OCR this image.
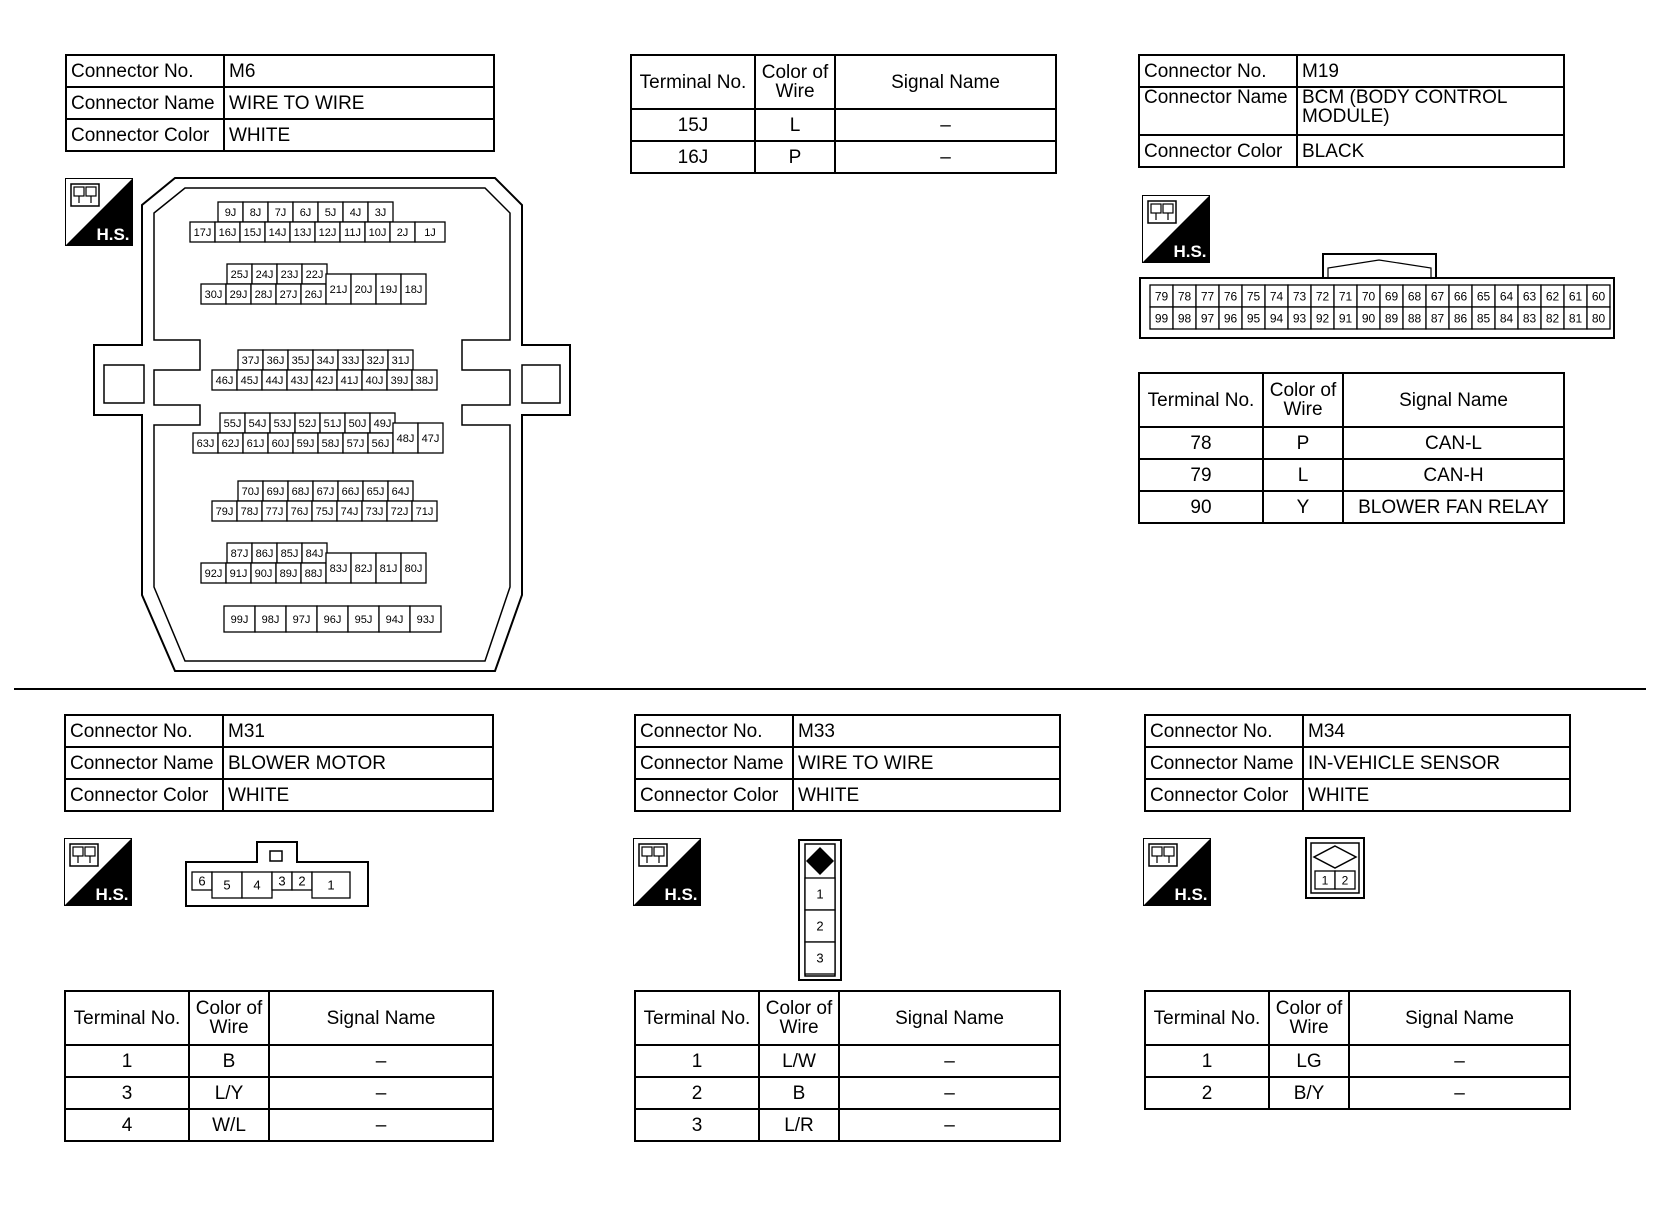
Connector No.	M6
Connector Name	WIRE TO WIRE
Connector Color	WHITE
H.S.
9J 8J 7J 6J 5J 4J 3J
17J 16J 15J 14J 13J 12J 11J 10J 2J 1J
25J 24J 23J 22J
30J 29J 28J 27J 26J 21J 20J 19J 18J
37J 36J 35J 34J 33J 32J 31J
46J 45J 44J 43J 42J 41J 40J 39J 38J
55J 54J 53J 52J 51J 50J 49J
63J 62J 61J 60J 59J 58J 57J 56J 48J 47J
70J 69J 68J 67J 66J 65J 64J
79J 78J 77J 76J 75J 74J 73J 72J 71J
87J 86J 85J 84J
92J 91J 90J 89J 88J 83J 82J 81J 80J
99J 98J 97J 96J 95J 94J 93J
Terminal No.	Color of Wire	Signal Name
15J	L	–
16J	P	–
Connector No.	M19
Connector Name	BCM (BODY CONTROL MODULE)
Connector Color	BLACK
H.S.
79 78 77 76 75 74 73 72 71 70 69 68 67 66 65 64 63 62 61 60
99 98 97 96 95 94 93 92 91 90 89 88 87 86 85 84 83 82 81 80
Terminal No.	Color of Wire	Signal Name
78	P	CAN-L
79	L	CAN-H
90	Y	BLOWER FAN RELAY
Connector No.	M31
Connector Name	BLOWER MOTOR
Connector Color	WHITE
H.S.
6 5 4 3 2 1
Terminal No.	Color of Wire	Signal Name
1	B	–
3	L/Y	–
4	W/L	–
Connector No.	M33
Connector Name	WIRE TO WIRE
Connector Color	WHITE
H.S.	1
2
3
Terminal No.	Color of Wire	Signal Name
1	L/W	–
2	B	–
3	L/R	–
Connector No.	M34
Connector Name	IN-VEHICLE SENSOR
Connector Color	WHITE
H.S.
1 2
Terminal No.	Color of Wire	Signal Name
1	LG	–
2	B/Y	–
